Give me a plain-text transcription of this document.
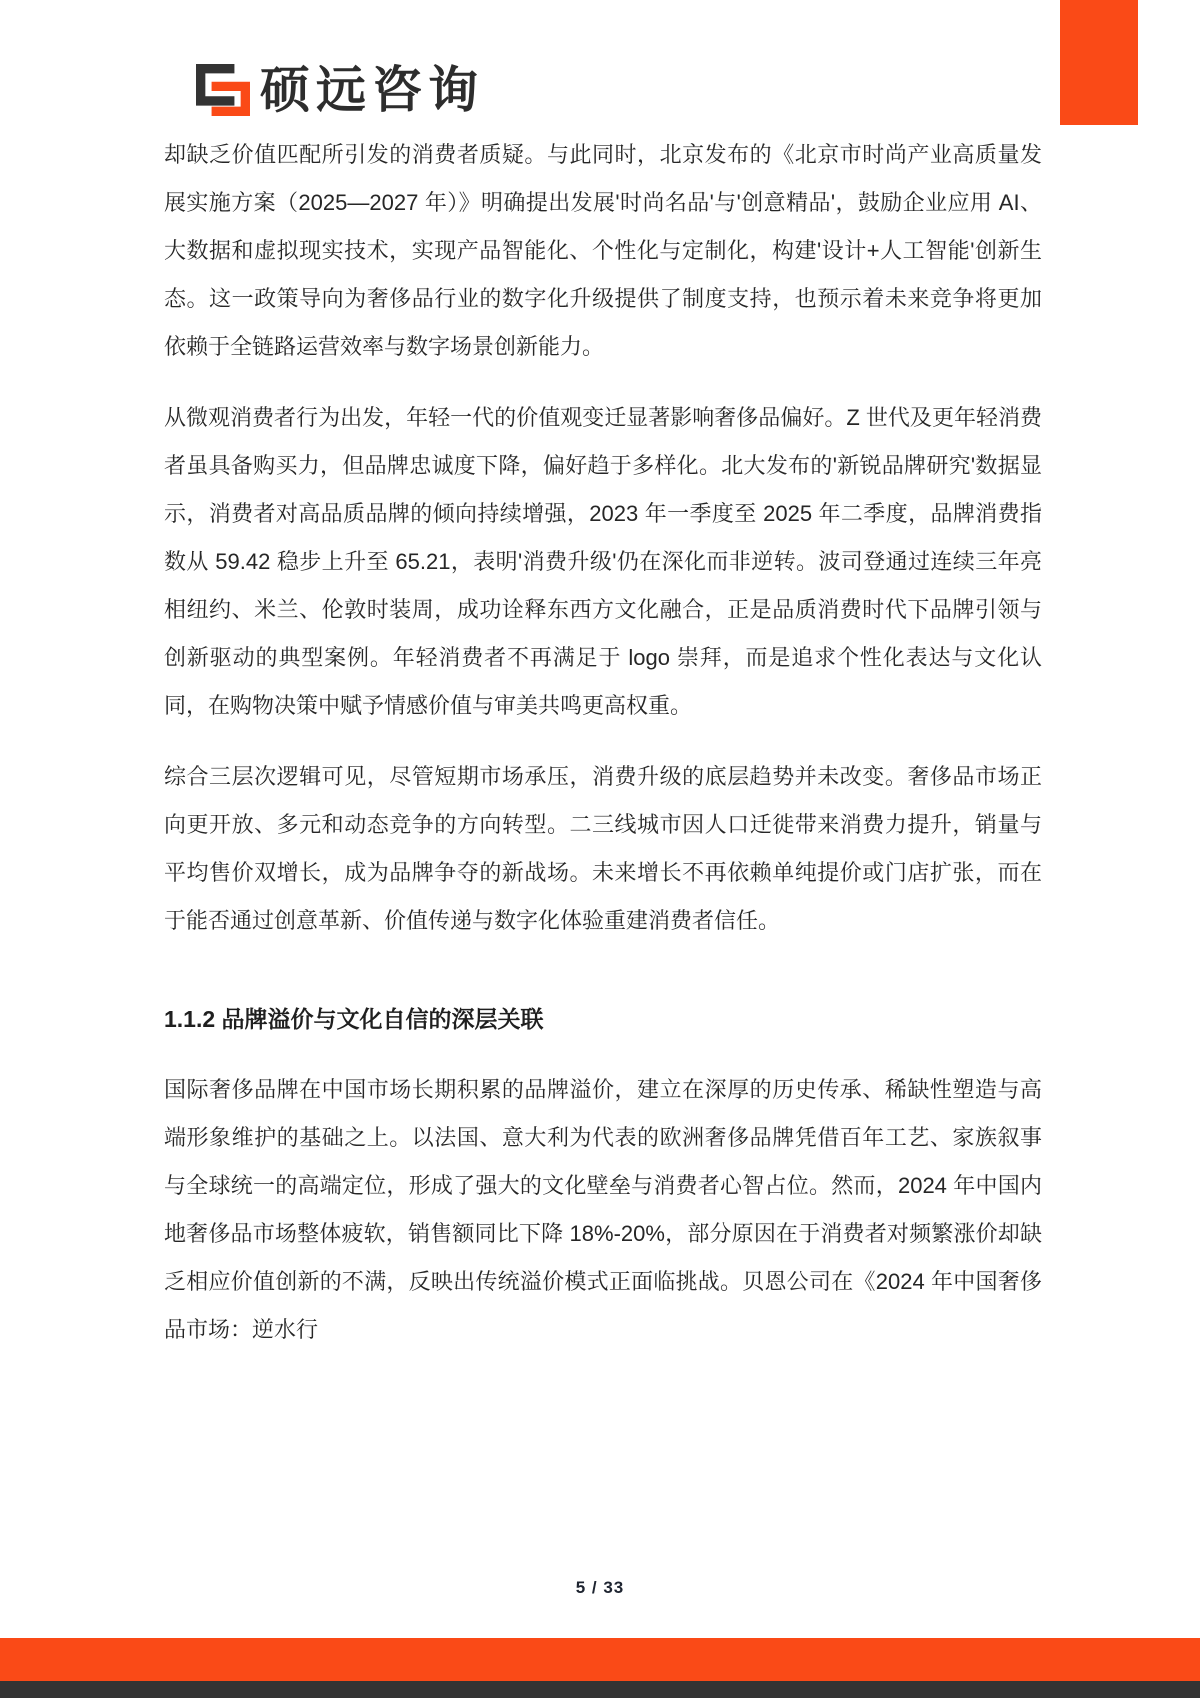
硕远咨询

却缺乏价值匹配所引发的消费者质疑。与此同时，北京发布的《北京市时尚产业高质量发展实施方案（2025—2027 年）》明确提出发展'时尚名品'与'创意精品'，鼓励企业应用 AI、大数据和虚拟现实技术，实现产品智能化、个性化与定制化，构建'设计+人工智能'创新生态。这一政策导向为奢侈品行业的数字化升级提供了制度支持，也预示着未来竞争将更加依赖于全链路运营效率与数字场景创新能力。

从微观消费者行为出发，年轻一代的价值观变迁显著影响奢侈品偏好。Z 世代及更年轻消费者虽具备购买力，但品牌忠诚度下降，偏好趋于多样化。北大发布的'新锐品牌研究'数据显示，消费者对高品质品牌的倾向持续增强，2023 年一季度至 2025 年二季度，品牌消费指数从 59.42 稳步上升至 65.21，表明'消费升级'仍在深化而非逆转。波司登通过连续三年亮相纽约、米兰、伦敦时装周，成功诠释东西方文化融合，正是品质消费时代下品牌引领与创新驱动的典型案例。年轻消费者不再满足于 logo 崇拜，而是追求个性化表达与文化认同，在购物决策中赋予情感价值与审美共鸣更高权重。

综合三层次逻辑可见，尽管短期市场承压，消费升级的底层趋势并未改变。奢侈品市场正向更开放、多元和动态竞争的方向转型。二三线城市因人口迁徙带来消费力提升，销量与平均售价双增长，成为品牌争夺的新战场。未来增长不再依赖单纯提价或门店扩张，而在于能否通过创意革新、价值传递与数字化体验重建消费者信任。

1.1.2 品牌溢价与文化自信的深层关联

国际奢侈品牌在中国市场长期积累的品牌溢价，建立在深厚的历史传承、稀缺性塑造与高端形象维护的基础之上。以法国、意大利为代表的欧洲奢侈品牌凭借百年工艺、家族叙事与全球统一的高端定位，形成了强大的文化壁垒与消费者心智占位。然而，2024 年中国内地奢侈品市场整体疲软，销售额同比下降 18%-20%，部分原因在于消费者对频繁涨价却缺乏相应价值创新的不满，反映出传统溢价模式正面临挑战。贝恩公司在《2024 年中国奢侈品市场：逆水行

5 / 33
